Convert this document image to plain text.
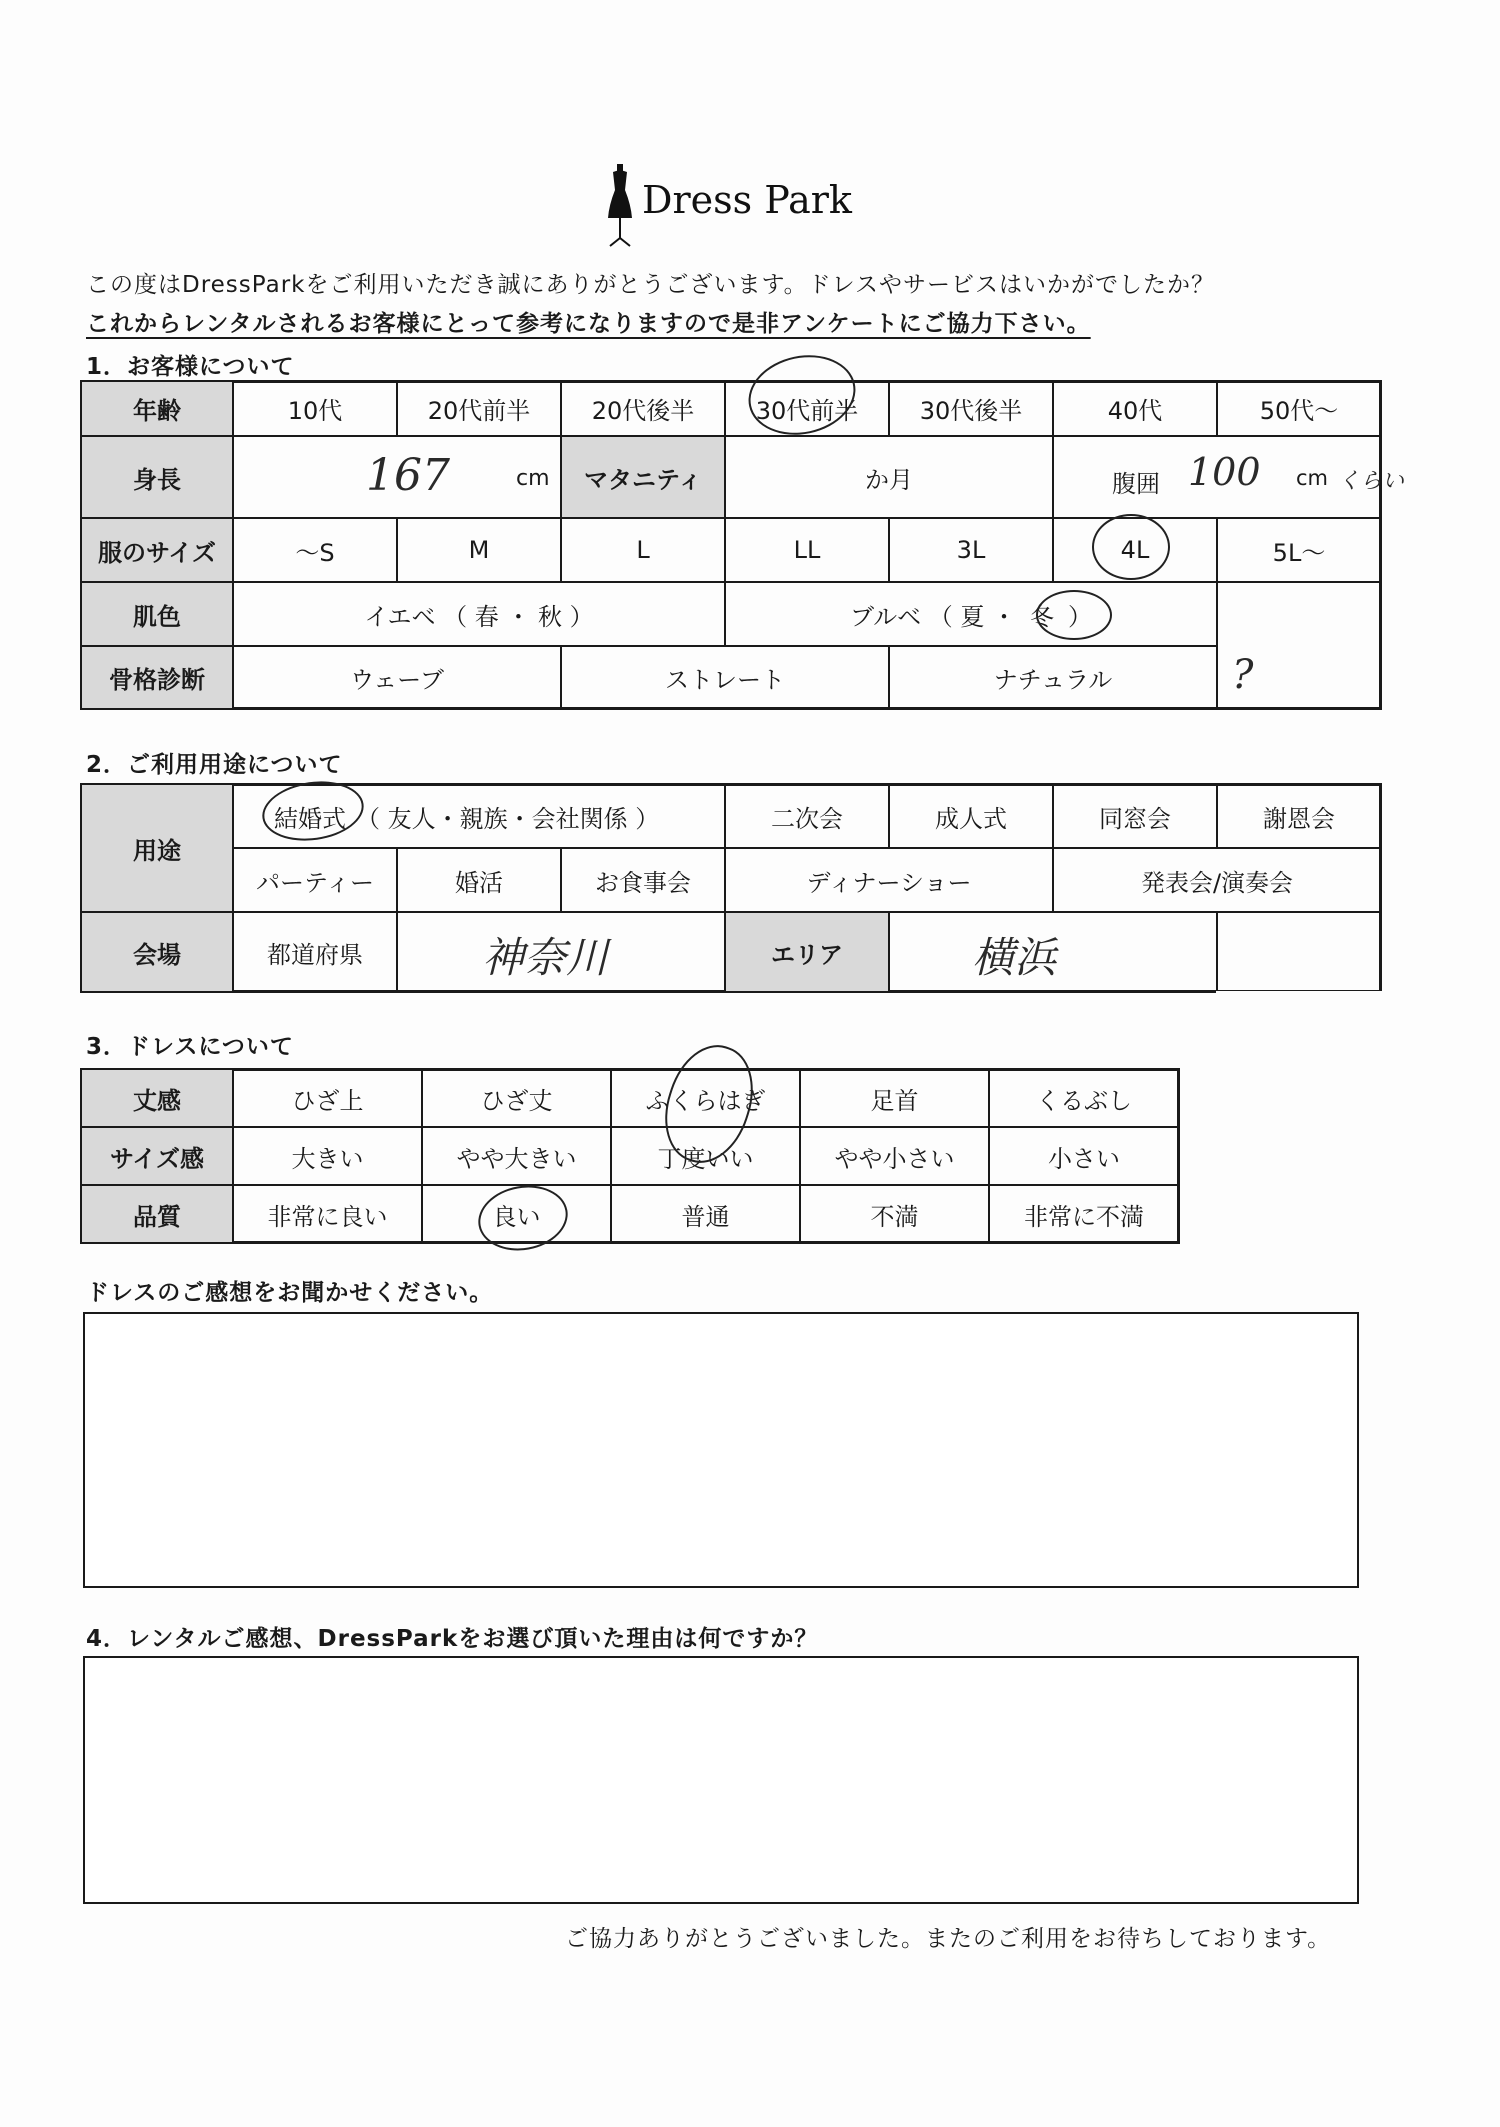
Dress Park
この度はDressParkをご利用いただき誠にありがとうございます。ドレスやサービスはいかがでしたか？
これからレンタルされるお客様にとって参考になりますので是非アンケートにご協力下さい。
1．お客様について
年齢	10代	20代前半	20代後半	30代前半	30代後半	40代	50代～
身長	167	cm	マタニティ	か月	腹囲 100 cm くらい
服のサイズ	～S	M	L	LL	3L	4L	5L～
肌色	イエベ （ 春 ・ 秋 ）	ブルベ （ 夏 ・ 冬 ）
骨格診断	ウェーブ	ストレート	ナチュラル	?
2．ご利用用途について
用途
結婚式 （ 友人・親族・会社関係 ）	二次会	成人式	同窓会	謝恩会
パーティー	婚活	お食事会	ディナーショー	発表会/演奏会
会場	都道府県	神奈川	エリア	横浜
3．ドレスについて
丈感	ひざ上	ひざ丈	ふくらはぎ	足首	くるぶし
サイズ感	大きい	やや大きい	丁度いい	やや小さい	小さい
品質	非常に良い	良い	普通	不満	非常に不満
ドレスのご感想をお聞かせください。
4．レンタルご感想、DressParkをお選び頂いた理由は何ですか？
ご協力ありがとうございました。またのご利用をお待ちしております。
